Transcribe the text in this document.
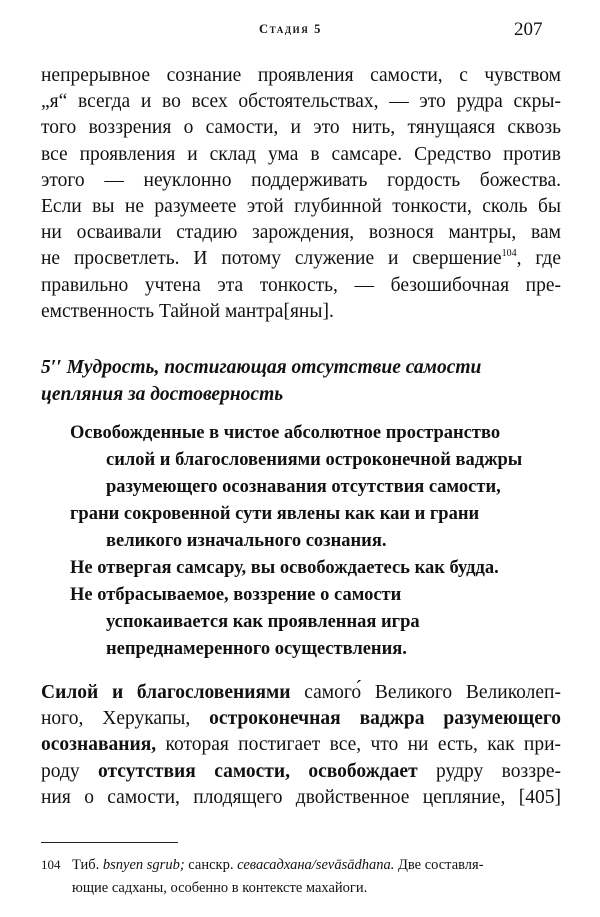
Стадия 5	207
непрерывное сознание проявления самости, с чувством
„я“ всегда и во всех обстоятельствах, — это рудра скры-
того воззрения о самости, и это нить, тянущаяся сквозь
все проявления и склад ума в самсаре. Средство против
этого — неуклонно поддерживать гордость божества.
Если вы не разумеете этой глубинной тонкости, сколь бы
ни осваивали стадию зарождения, вознося мантры, вам
не просветлеть. И потому служение и свершение$^{104}$, где
правильно учтена эта тонкость, — безошибочная пре-
емственность Тайной мантра[яны].
5′′ Мудрость, постигающая отсутствие самости
цепляния за достоверность
Освобожденные в чистое абсолютное пространство
силой и благословениями остроконечной ваджры
разумеющего осознавания отсутствия самости,
грани сокровенной сути явлены как каи и грани
великого изначального сознания.
Не отвергая самсару, вы освобождаетесь как будда.
Не отбрасываемое, воззрение о самости
успокаивается как проявленная игра
непреднамеренного осуществления.
Силой и благословениями самого́ Великого Великолеп-
ного, Херукапы, остроконечная ваджра разумеющего
осознавания, которая постигает все, что ни есть, как при-
роду отсутствия самости, освобождает рудру воззре-
ния о самости, плодящего двойственное цепляние, [405]
104 Тиб. bsnyen sgrub; санскр. севасадхана/sevāsādhana. Две составля-
ющие садханы, особенно в контексте махайоги.
